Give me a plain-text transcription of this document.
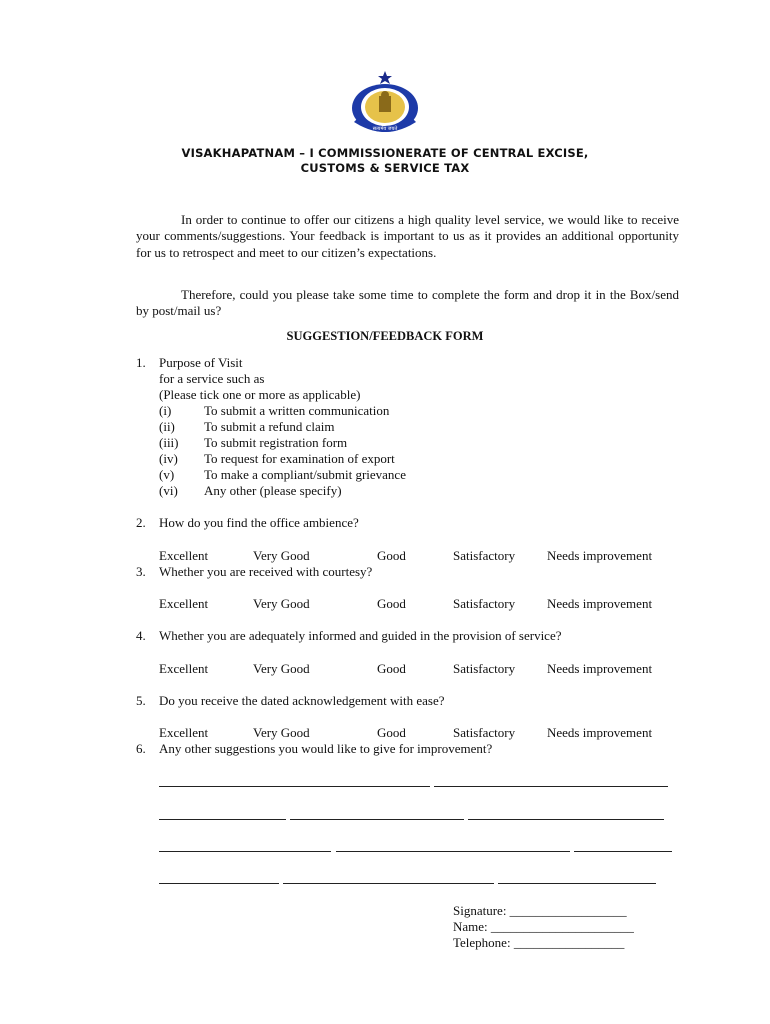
सत्यमेव जयते
VISAKHAPATNAM – I COMMISSIONERATE OF CENTRAL EXCISE,
CUSTOMS & SERVICE TAX
In order to continue to offer our citizens a high quality level service, we would like to receive your comments/suggestions. Your feedback is important to us as it provides an additional opportunity for us to retrospect and meet to our citizen’s expectations.
Therefore, could you please take some time to complete the form and drop it in the Box/send by post/mail us?
SUGGESTION/FEEDBACK FORM
1. Purpose of Visit
for a service such as
(Please tick one or more as applicable)
(i)	To submit a written communication
(ii) To submit a refund claim
(iii) To submit registration form
(iv) To request for examination of export
(v) To make a compliant/submit grievance
(vi) Any other (please specify)
2. How do you find the office ambience?
Excellent	Very Good	Good	Satisfactory Needs improvement
3. Whether you are received with courtesy?
Excellent	Very Good	Good	Satisfactory Needs improvement
4. Whether you are adequately informed and guided in the provision of service?
Excellent	Very Good	Good	Satisfactory Needs improvement
5. Do you receive the dated acknowledgement with ease?
Excellent	Very Good	Good	Satisfactory Needs improvement
6. Any other suggestions you would like to give for improvement?
Signature: __________________
Name: ______________________
Telephone: _________________
